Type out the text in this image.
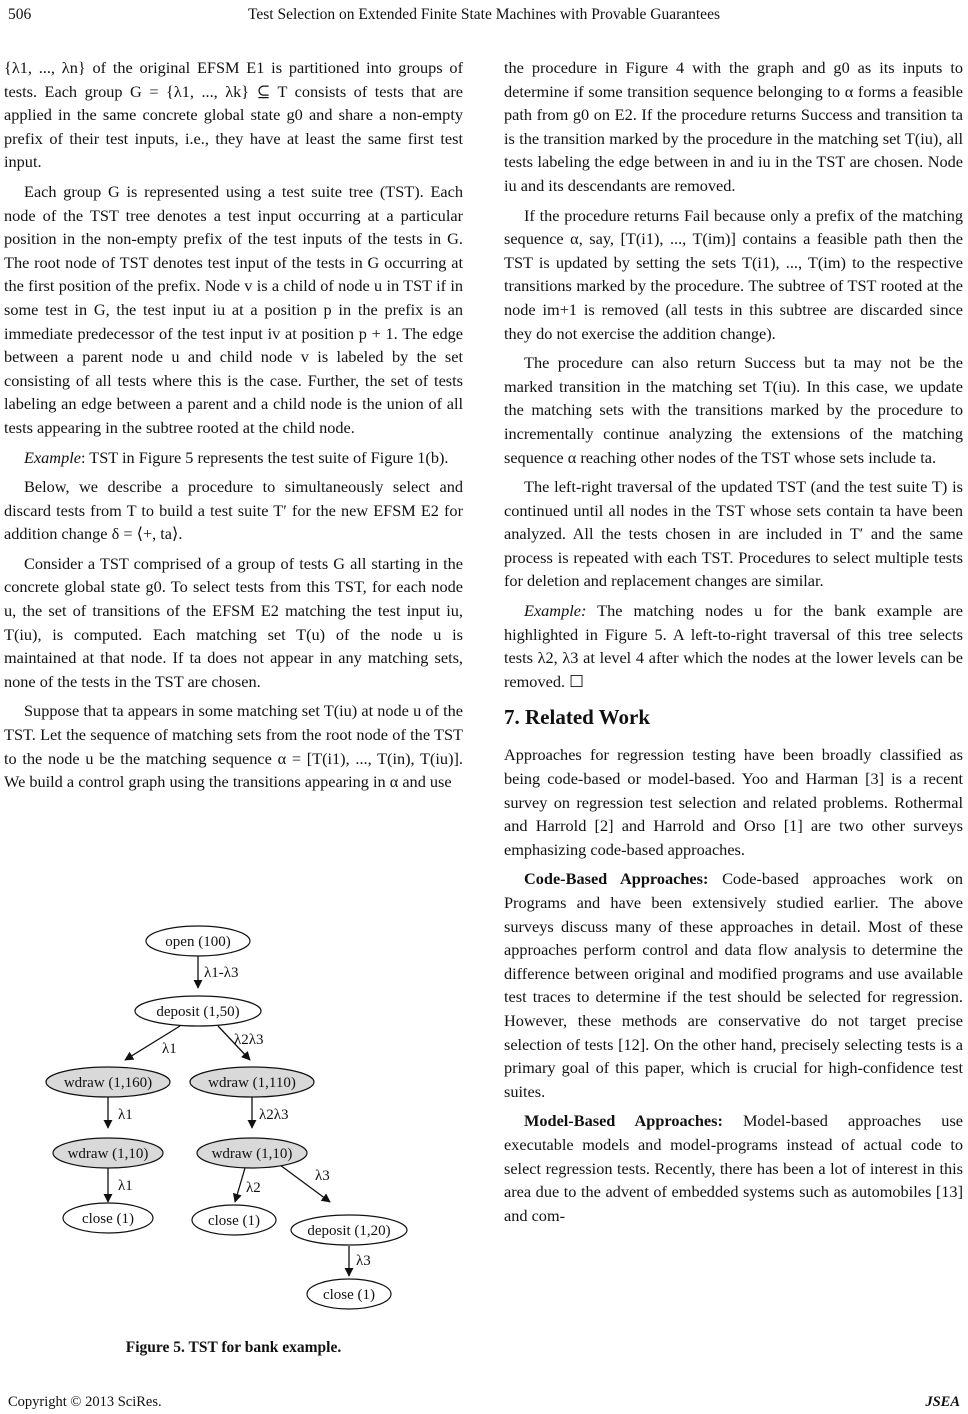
506	Test Selection on Extended Finite State Machines with Provable Guarantees

{λ1, ..., λn} of the original EFSM E1 is partitioned into groups of tests. Each group G = {λ1, ..., λk} ⊆ T consists of tests that are applied in the same concrete global state g0 and share a non-empty prefix of their test inputs, i.e., they have at least the same first test input.

Each group G is represented using a test suite tree (TST). Each node of the TST tree denotes a test input occurring at a particular position in the non-empty prefix of the test inputs of the tests in G. The root node of TST denotes test input of the tests in G occurring at the first position of the prefix. Node v is a child of node u in TST if in some test in G, the test input iu at a position p in the prefix is an immediate predecessor of the test input iv at position p + 1. The edge between a parent node u and child node v is labeled by the set consisting of all tests where this is the case. Further, the set of tests labeling an edge between a parent and a child node is the union of all tests appearing in the subtree rooted at the child node.

Example: TST in Figure 5 represents the test suite of Figure 1(b).

Below, we describe a procedure to simultaneously select and discard tests from T to build a test suite T′ for the new EFSM E2 for addition change δ = ⟨+, ta⟩.

Consider a TST comprised of a group of tests G all starting in the concrete global state g0. To select tests from this TST, for each node u, the set of transitions of the EFSM E2 matching the test input iu, T(iu), is computed. Each matching set T(u) of the node u is maintained at that node. If ta does not appear in any matching sets, none of the tests in the TST are chosen.

Suppose that ta appears in some matching set T(iu) at node u of the TST. Let the sequence of matching sets from the root node of the TST to the node u be the matching sequence α = [T(i1), ..., T(in), T(iu)]. We build a control graph using the transitions appearing in α and use

open (100)
deposit (1,50)
wdraw (1,160)	wdraw (1,110)
wdraw (1,10)	wdraw (1,10)
close (1)	close (1)
deposit (1,20)
close (1)
λ1-λ3
λ1
λ2λ3
λ1	λ2λ3
λ1	λ2
λ3
λ3
Figure 5. TST for bank example.

the procedure in Figure 4 with the graph and g0 as its inputs to determine if some transition sequence belonging to α forms a feasible path from g0 on E2. If the procedure returns Success and transition ta is the transition marked by the procedure in the matching set T(iu), all tests labeling the edge between in and iu in the TST are chosen. Node iu and its descendants are removed.

If the procedure returns Fail because only a prefix of the matching sequence α, say, [T(i1), ..., T(im)] contains a feasible path then the TST is updated by setting the sets T(i1), ..., T(im) to the respective transitions marked by the procedure. The subtree of TST rooted at the node im+1 is removed (all tests in this subtree are discarded since they do not exercise the addition change).

The procedure can also return Success but ta may not be the marked transition in the matching set T(iu). In this case, we update the matching sets with the transitions marked by the procedure to incrementally continue analyzing the extensions of the matching sequence α reaching other nodes of the TST whose sets include ta.

The left-right traversal of the updated TST (and the test suite T) is continued until all nodes in the TST whose sets contain ta have been analyzed. All the tests chosen in are included in T′ and the same process is repeated with each TST. Procedures to select multiple tests for deletion and replacement changes are similar.

Example: The matching nodes u for the bank example are highlighted in Figure 5. A left-to-right traversal of this tree selects tests λ2, λ3 at level 4 after which the nodes at the lower levels can be removed. ☐

7. Related Work

Approaches for regression testing have been broadly classified as being code-based or model-based. Yoo and Harman [3] is a recent survey on regression test selection and related problems. Rothermal and Harrold [2] and Harrold and Orso [1] are two other surveys emphasizing code-based approaches.

Code-Based Approaches: Code-based approaches work on Programs and have been extensively studied earlier. The above surveys discuss many of these approaches in detail. Most of these approaches perform control and data flow analysis to determine the difference between original and modified programs and use available test traces to determine if the test should be selected for regression. However, these methods are conservative do not target precise selection of tests [12]. On the other hand, precisely selecting tests is a primary goal of this paper, which is crucial for high-confidence test suites.

Model-Based Approaches: Model-based approaches use executable models and model-programs instead of actual code to select regression tests. Recently, there has been a lot of interest in this area due to the advent of embedded systems such as automobiles [13] and com-

Copyright © 2013 SciRes.	JSEA
